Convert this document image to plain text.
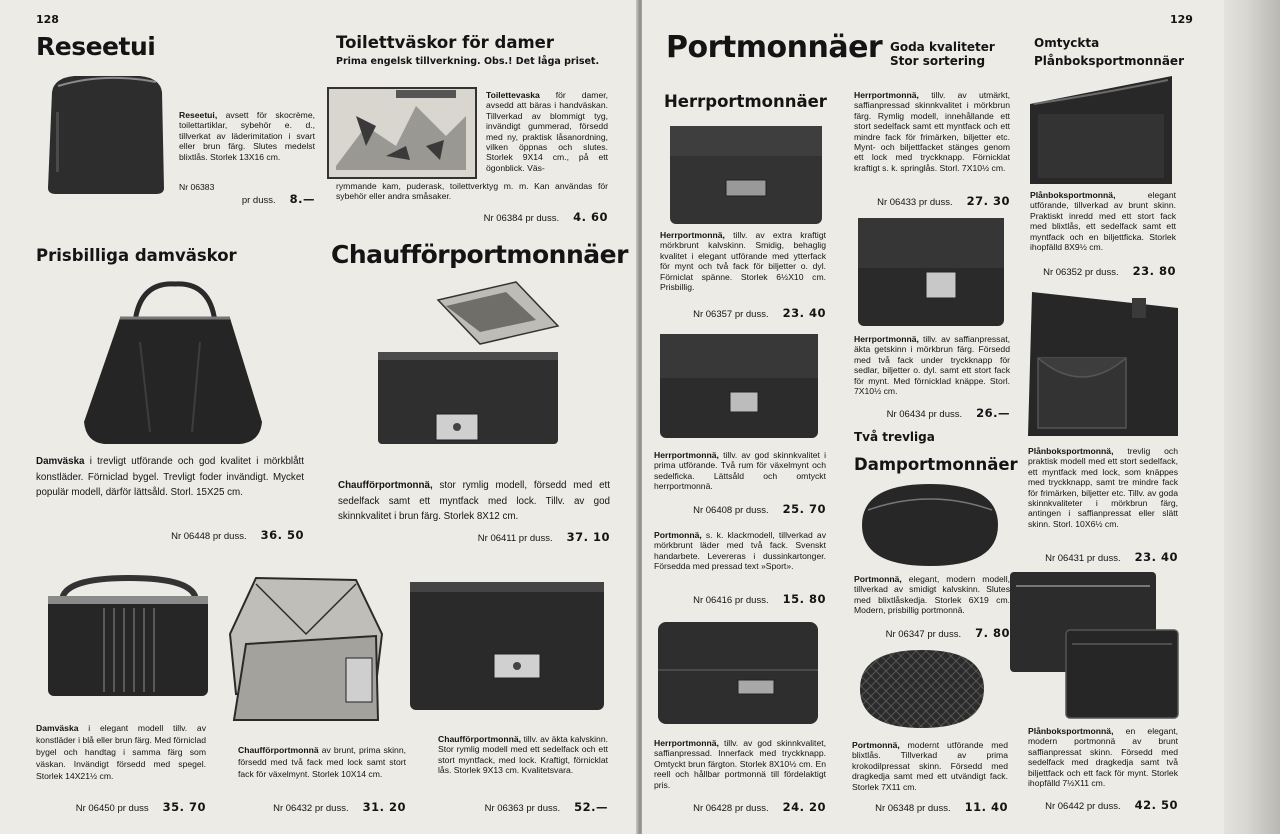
128
Reseetui
Reseetui, avsett för skocrème, toilettartiklar, sybehör e. d., tillverkat av läderimitation i svart eller brun färg. Slutes medelst blixtlås. Storlek 13X16 cm.
Nr 06383
pr duss. 8.—
Toilettväskor för damer
Prima engelsk tillverkning. Obs.! Det låga priset.
Toilettevaska för damer, avsedd att bäras i handväskan. Tillverkad av blommigt tyg, invändigt gummerad, försedd med ny, praktisk låsanordning, vilken öppnas och slutes. Storlek 9X14 cm., på ett ögonblick. Väs-
rymmande kam, puderask, toilettverktyg m. m. Kan användas för sybehör eller andra småsaker.
Nr 06384 pr duss. 4. 60
Prisbilliga damväskor
Damväska i trevligt utförande och god kvalitet i mörkblått konstläder. Förniclad bygel. Trevligt foder invändigt. Mycket populär modell, därför lättsåld. Storl. 15X25 cm.
Nr 06448 pr duss. 36. 50
Chaufförportmonnäer
Chaufförportmonnä, stor rymlig modell, försedd med ett sedelfack samt ett myntfack med lock. Tillv. av god skinnkvalitet i brun färg. Storlek 8X12 cm.
Nr 06411 pr duss. 37. 10
Damväska i elegant modell tillv. av konstläder i blå eller brun färg. Med förniclad bygel och handtag i samma färg som väskan. Invändigt försedd med spegel. Storlek 14X21½ cm.
Nr 06450 pr duss 35. 70
Chaufförportmonnä av brunt, prima skinn, försedd med två fack med lock samt stort fack för växelmynt. Storlek 10X14 cm.
Nr 06432 pr duss. 31. 20
Chaufförportmonnä, tillv. av äkta kalvskinn. Stor rymlig modell med ett sedelfack och ett stort myntfack, med lock. Kraftigt, förnicklat lås. Storlek 9X13 cm. Kvalitetsvara.
Nr 06363 pr duss. 52.—
129
Portmonnäer Goda kvaliteter
Stor sortering
Herrportmonnäer
Herrportmonnä, tillv. av extra kraftigt mörkbrunt kalvskinn. Smidig, behaglig kvalitet i elegant utförande med ytterfack för mynt och två fack för biljetter o. dyl. Förniclat spänne. Storlek 6½X10 cm. Prisbillig.
Nr 06357 pr duss. 23. 40
Herrportmonnä, tillv. av god skinnkvalitet i prima utförande. Två rum för växelmynt och sedelficka. Lättsåld och omtyckt herrportmonnä.
Nr 06408 pr duss. 25. 70
Portmonnä, s. k. klackmodell, tillverkad av mörkbrunt läder med två fack. Svenskt handarbete. Levereras i dussinkartonger. Försedda med pressad text »Sport».
Nr 06416 pr duss. 15. 80
Herrportmonnä, tillv. av god skinnkvalitet, saffianpressad. Innerfack med tryckknapp. Omtyckt brun färgton. Storlek 8X10½ cm. En reell och hållbar portmonnä till fördelaktigt pris.
Nr 06428 pr duss. 24. 20
Herrportmonnä, tillv. av utmärkt, saffianpressad skinnkvalitet i mörkbrun färg. Rymlig modell, innehållande ett stort sedelfack samt ett myntfack och ett mindre fack för frimärken, biljetter etc. Mynt- och biljettfacket stänges genom ett lock med tryckknapp. Förnicklat kraftigt s. k. springlås. Storl. 7X10½ cm.
Nr 06433 pr duss. 27. 30
Herrportmonnä, tillv. av saffianpressat, äkta getskinn i mörkbrun färg. Försedd med två fack under tryckknapp för sedlar, biljetter o. dyl. samt ett stort fack för mynt. Med förnicklad knäppe. Storl. 7X10½ cm.
Nr 06434 pr duss. 26.—
Två trevliga
Damportmonnäer
Portmonnä, elegant, modern modell, tillverkad av smidigt kalvskinn. Slutes med blixtlåskedja. Storlek 6X19 cm. Modern, prisbillig portmonnä.
Nr 06347 pr duss. 7. 80
Portmonnä, modernt utförande med blixtlås. Tillverkad av prima krokodilpressat skinn. Försedd med dragkedja samt med ett utvändigt fack. Storlek 7X11 cm.
Nr 06348 pr duss. 11. 40
Omtyckta
Plånboksportmonnäer
Plånboksportmonnä, elegant utförande, tillverkad av brunt skinn. Praktiskt inredd med ett stort fack med blixtlås, ett sedelfack samt ett myntfack och en biljettficka. Storlek ihopfälld 8X9½ cm.
Nr 06352 pr duss. 23. 80
Plånboksportmonnä, trevlig och praktisk modell med ett stort sedelfack, ett myntfack med lock, som knäppes med tryckknapp, samt tre mindre fack för frimärken, biljetter etc. Tillv. av goda skinnkvaliteter i mörkbrun färg, antingen i saffianpressat eller slätt skinn. Storl. 10X6½ cm.
Nr 06431 pr duss. 23. 40
Plånboksportmonnä, en elegant, modern portmonnä av brunt saffianpressat skinn. Försedd med sedelfack med dragkedja samt två biljettfack och ett fack för mynt. Storlek ihopfälld 7½X11 cm.
Nr 06442 pr duss. 42. 50
